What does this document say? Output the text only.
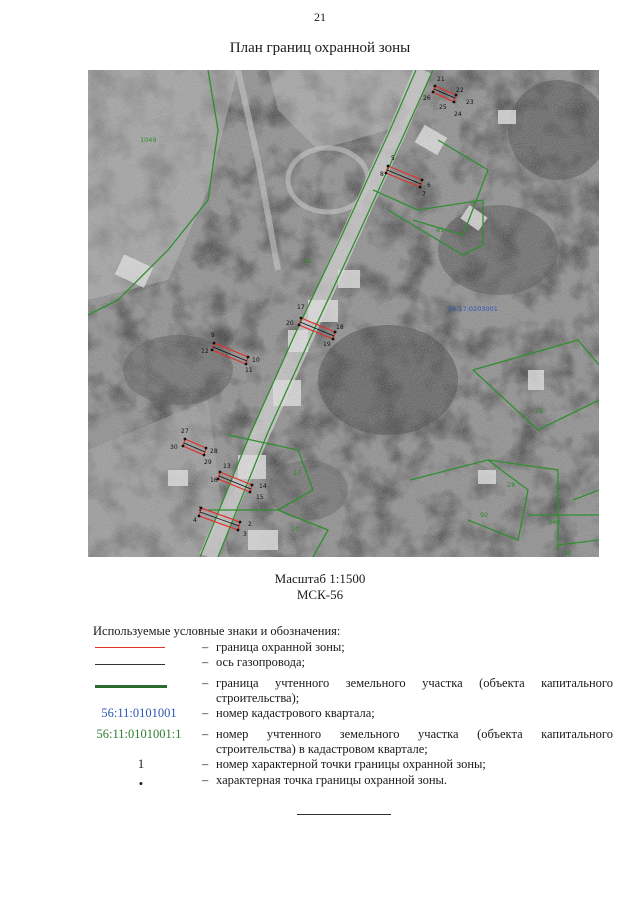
21
План границ охранной зоны
1049
84
81
26
28
92
17
10
848
93
56:17:0203001
1
2
3
4
5
6
7
8
9
10
11
12
13
14
15
16
17
18
19
20
21
22
23
24
25
26
27
28
29
30
Масштаб 1:1500
МСК-56
Используемые условные знаки и обозначения:
– граница охранной зоны;
– ось газопровода;
– граница учтенного земельного участка (объекта капитального строительства);
56:11:0101001	– номер кадастрового квартала;
56:11:0101001:1 – номер учтенного земельного участка (объекта капитального строительства) в кадастровом квартале;
1	– номер характерной точки границы охранной зоны;
•	– характерная точка границы охранной зоны.
